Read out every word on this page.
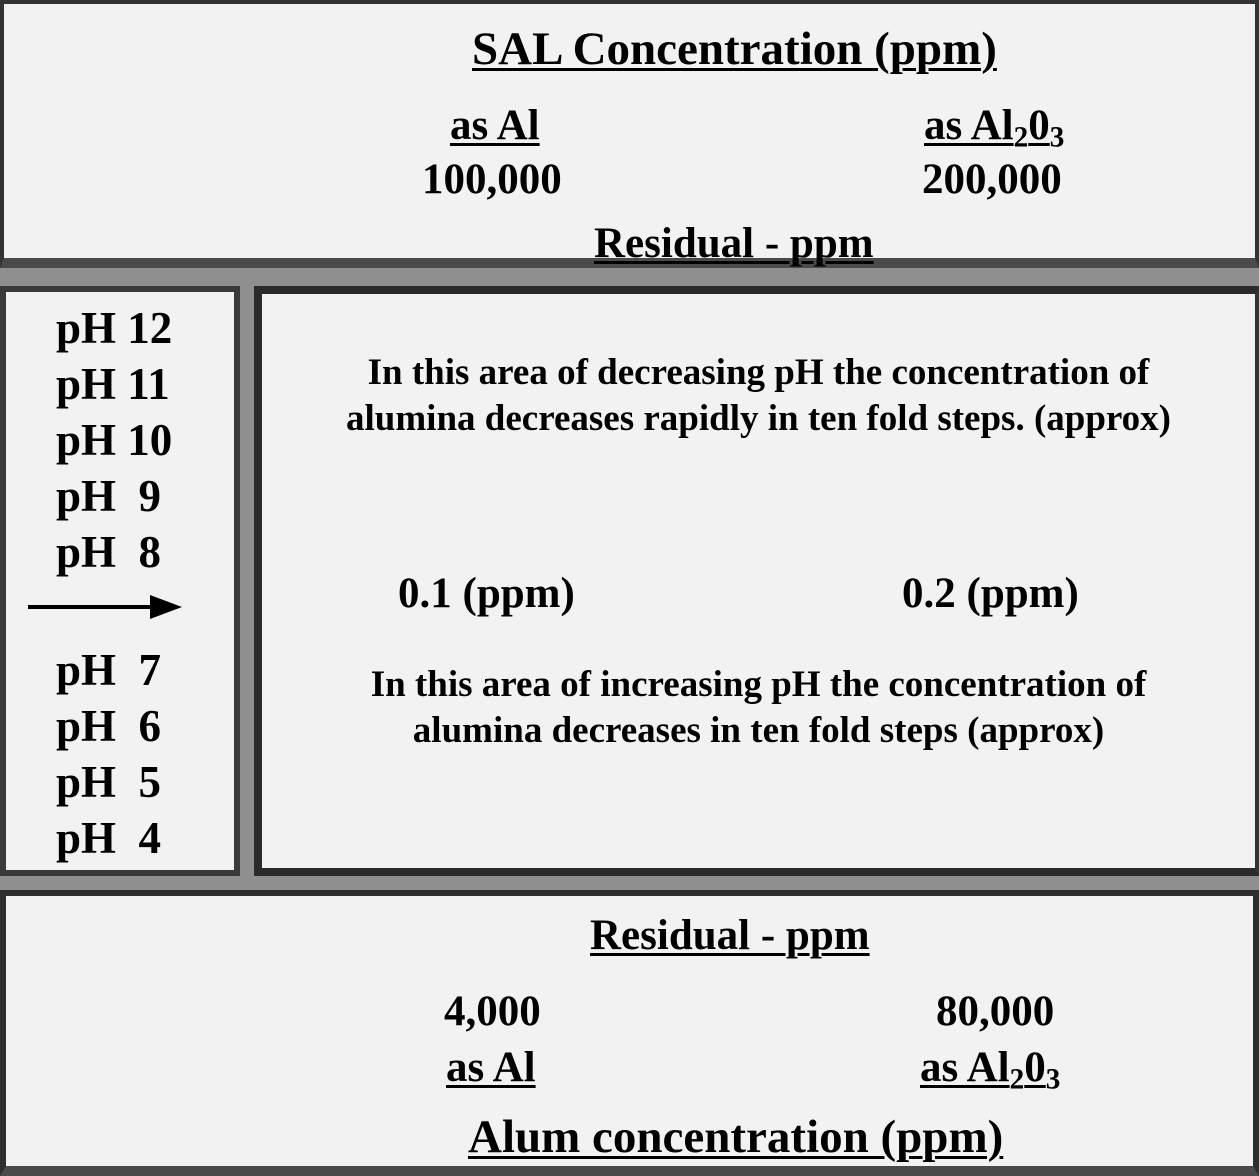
SAL Concentration (ppm)
as Al	as $Al_20_3$
100,000	200,000
Residual - ppm
pH 12
pH 11
pH 10
pH  9
pH  8
pH  7
pH  6
pH  5
pH  4
In this area of decreasing pH the concentration of
alumina decreases rapidly in ten fold steps. (approx)
0.1 (ppm)	0.2 (ppm)
In this area of increasing pH the concentration of
alumina decreases in ten fold steps (approx)
Residual - ppm
4,000	80,000
as Al	as $Al_20_3$
Alum concentration (ppm)
